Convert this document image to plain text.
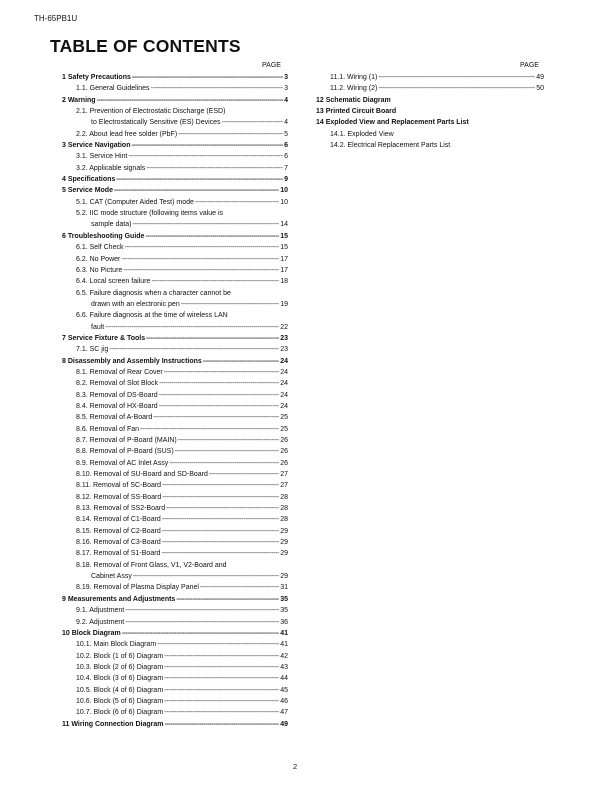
TH-65PB1U
TABLE OF CONTENTS
PAGE	PAGE
1 Safety Precautions -----	3
1.1. General Guidelines -----	3
2 Warning -----	4
2.1. Prevention of Electrostatic Discharge (ESD)
to Electrostatically Sensitive (ES) Devices -----	4
2.2. About lead free solder (PbF) -----	5
3 Service Navigation -----	6
3.1. Service Hint -----	6
3.2. Applicable signals -----	7
4 Specifications -----	9
5 Service Mode -----	10
5.1. CAT (Computer Aided Test) mode -----	10
5.2. IIC mode structure (following items value is
sample data) -----	14
6 Troubleshooting Guide -----	15
6.1. Self Check -----	15
6.2. No Power -----	17
6.3. No Picture -----	17
6.4. Local screen failure -----	18
6.5. Failure diagnosis when a character cannot be
drawn with an electronic pen -----	19
6.6. Failure diagnosis at the time of wireless LAN
fault -----	22
7 Service Fixture & Tools -----	23
7.1. SC jig -----	23
8 Disassembly and Assembly Instructions -----	24
8.1. Removal of Rear Cover -----	24
8.2. Removal of Slot Block -----	24
8.3. Removal of DS-Board -----	24
8.4. Removal of HX-Board -----	24
8.5. Removal of A-Board -----	25
8.6. Removal of Fan -----	25
8.7. Removal of P-Board (MAIN) -----	26
8.8. Removal of P-Board (SUS) -----	26
8.9. Removal of AC Inlet Assy -----	26
8.10. Removal of SU-Board and SD-Board -----	27
8.11. Removal of SC-Board -----	27
8.12. Removal of SS-Board -----	28
8.13. Removal of SS2-Board -----	28
8.14. Removal of C1-Board -----	28
8.15. Removal of C2-Board -----	29
8.16. Removal of C3-Board -----	29
8.17. Removal of S1-Board -----	29
8.18. Removal of Front Glass, V1, V2-Board and
Cabinet Assy -----	29
8.19. Removal of Plasma Display Panel -----	31
9 Measurements and Adjustments -----	35
9.1. Adjustment -----	35
9.2. Adjustment -----	36
10 Block Diagram -----	41
10.1. Main Block Diagram -----	41
10.2. Block (1 of 6) Diagram -----	42
10.3. Block (2 of 6) Diagram -----	43
10.4. Block (3 of 6) Diagram -----	44
10.5. Block (4 of 6) Diagram -----	45
10.6. Block (5 of 6) Diagram -----	46
10.7. Block (6 of 6) Diagram -----	47
11 Wiring Connection Diagram -----	49
11.1. Wiring (1) -----	49
11.2. Wiring (2) -----	50
12 Schematic Diagram
13 Printed Circuit Board
14 Exploded View and Replacement Parts List
14.1. Exploded View
14.2. Electrical Replacement Parts List
2
